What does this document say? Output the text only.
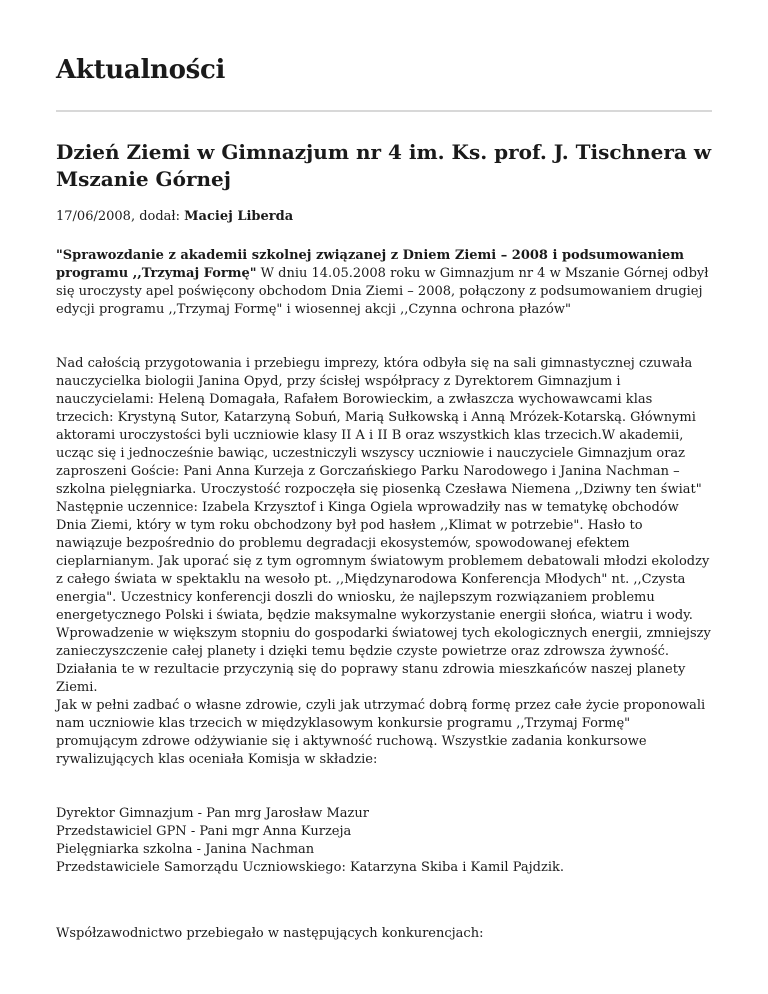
Aktualności
Dzień Ziemi w Gimnazjum nr 4 im. Ks. prof. J. Tischnera w Mszanie Górnej
17/06/2008, dodał: Maciej Liberda

"Sprawozdanie z akademii szkolnej związanej z Dniem Ziemi – 2008 i podsumowaniem programu ,,Trzymaj Formę" W dniu 14.05.2008 roku w Gimnazjum nr 4 w Mszanie Górnej odbył się uroczysty apel poświęcony obchodom Dnia Ziemi – 2008, połączony z podsumowaniem drugiej edycji programu ,,Trzymaj Formę" i wiosennej akcji ,,Czynna ochrona płazów"

Nad całością przygotowania i przebiegu imprezy, która odbyła się na sali gimnastycznej czuwała nauczycielka biologii Janina Opyd, przy ścisłej współpracy z Dyrektorem Gimnazjum i nauczycielami: Heleną Domagała, Rafałem Borowieckim, a zwłaszcza wychowawcami klas trzecich: Krystyną Sutor, Katarzyną Sobuń, Marią Sułkowską i Anną Mrózek-Kotarską. Głównymi aktorami uroczystości byli uczniowie klasy II A i II B oraz wszystkich klas trzecich.W akademii, ucząc się i jednocześnie bawiąc, uczestniczyli wszyscy uczniowie i nauczyciele Gimnazjum oraz zaproszeni Goście: Pani Anna Kurzeja z Gorczańskiego Parku Narodowego i Janina Nachman – szkolna pielęgniarka. Uroczystość rozpoczęła się piosenką Czesława Niemena ,,Dziwny ten świat" Następnie uczennice: Izabela Krzysztof i Kinga Ogiela wprowadziły nas w tematykę obchodów Dnia Ziemi, który w tym roku obchodzony był pod hasłem ,,Klimat w potrzebie". Hasło to nawiązuje bezpośrednio do problemu degradacji ekosystemów, spowodowanej efektem cieplarnianym. Jak uporać się z tym ogromnym światowym problemem debatowali młodzi ekolodzy z całego świata w spektaklu na wesoło pt. ,,Międzynarodowa Konferencja Młodych" nt. ,,Czysta energia". Uczestnicy konferencji doszli do wniosku, że najlepszym rozwiązaniem problemu energetycznego Polski i świata, będzie maksymalne wykorzystanie energii słońca, wiatru i wody. Wprowadzenie w większym stopniu do gospodarki światowej tych ekologicznych energii, zmniejszy zanieczyszczenie całej planety i dzięki temu będzie czyste powietrze oraz zdrowsza żywność. Działania te w rezultacie przyczynią się do poprawy stanu zdrowia mieszkańców naszej planety Ziemi.

Jak w pełni zadbać o własne zdrowie, czyli jak utrzymać dobrą formę przez całe życie proponowali nam uczniowie klas trzecich w międzyklasowym konkursie programu ,,Trzymaj Formę" promującym zdrowe odżywianie się i aktywność ruchową. Wszystkie zadania konkursowe rywalizujących klas oceniała Komisja w składzie:

Dyrektor Gimnazjum - Pan mrg Jarosław Mazur

Przedstawiciel GPN - Pani mgr Anna Kurzeja

Pielęgniarka szkolna - Janina Nachman

Przedstawiciele Samorządu Uczniowskiego: Katarzyna Skiba i Kamil Pajdzik.

Współzawodnictwo przebiegało w następujących konkurencjach:
